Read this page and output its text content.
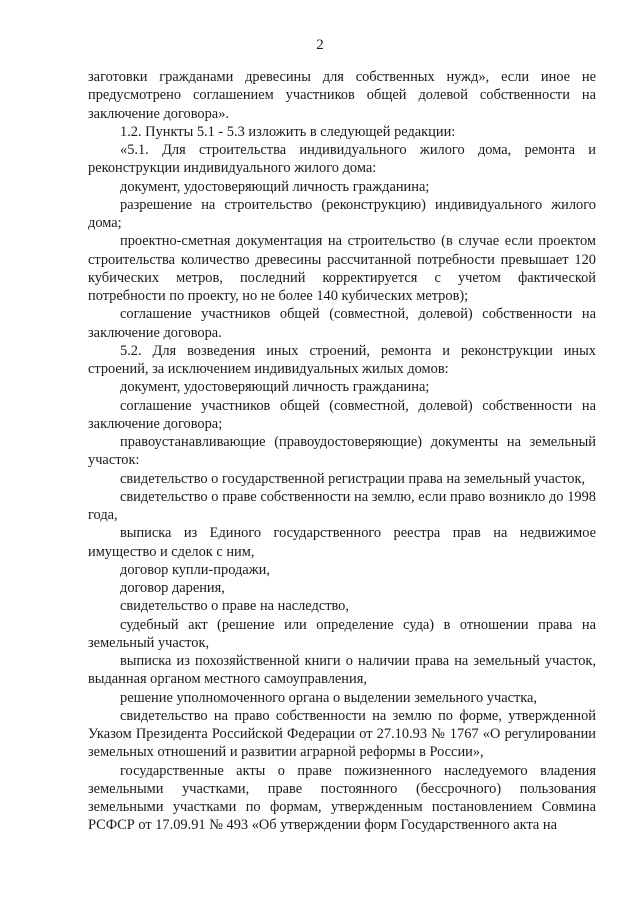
2

заготовки гражданами древесины для собственных нужд», если иное не предусмотрено соглашением участников общей долевой собственности на заключение договора».

1.2. Пункты 5.1 - 5.3 изложить в следующей редакции:

«5.1. Для строительства индивидуального жилого дома, ремонта и реконструкции индивидуального жилого дома:

документ, удостоверяющий личность гражданина;

разрешение на строительство (реконструкцию) индивидуального жилого дома;

проектно-сметная документация на строительство (в случае если проектом строительства количество древесины рассчитанной потребности превышает 120 кубических метров, последний корректируется с учетом фактической потребности по проекту, но не более 140 кубических метров);

соглашение участников общей (совместной, долевой) собственности на заключение договора.

5.2. Для возведения иных строений, ремонта и реконструкции иных строений, за исключением индивидуальных жилых домов:

документ, удостоверяющий личность гражданина;

соглашение участников общей (совместной, долевой) собственности на заключение договора;

правоустанавливающие (правоудостоверяющие) документы на земельный участок:

свидетельство о государственной регистрации права на земельный участок,

свидетельство о праве собственности на землю, если право возникло до 1998 года,

выписка из Единого государственного реестра прав на недвижимое имущество и сделок с ним,

договор купли-продажи,

договор дарения,

свидетельство о праве на наследство,

судебный акт (решение или определение суда) в отношении права на земельный участок,

выписка из похозяйственной книги о наличии права на земельный участок, выданная органом местного самоуправления,

решение уполномоченного органа о выделении земельного участка,

свидетельство на право собственности на землю по форме, утвержденной Указом Президента Российской Федерации от 27.10.93 № 1767 «О регулировании земельных отношений и развитии аграрной реформы в России»,

государственные акты о праве пожизненного наследуемого владения земельными участками, праве постоянного (бессрочного) пользования земельными участками по формам, утвержденным постановлением Совмина РСФСР от 17.09.91 № 493 «Об утверждении форм Государственного акта на
